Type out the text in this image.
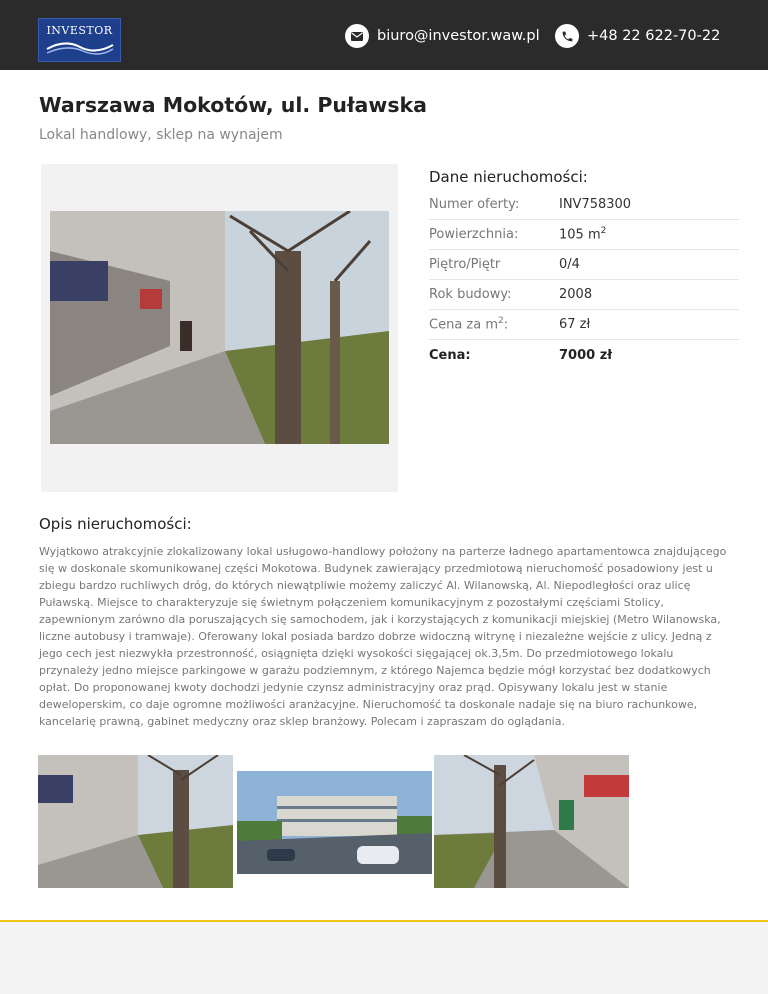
INVESTOR	biuro@investor.waw.pl	+48 22 622-70-22
Warszawa Mokotów, ul. Puławska
Lokal handlowy, sklep na wynajem
Dane nieruchomości:
Numer oferty:	INV758300
Powierzchnia:	105 $m^2$
Piętro/Piętr	0/4
Rok budowy:	2008
Cena za $m^2$:	67 zł
Cena:	7000 zł
Opis nieruchomości:

Wyjątkowo atrakcyjnie zlokalizowany lokal usługowo-handlowy położony na parterze ładnego apartamentowca znajdującego się w doskonale skomunikowanej części Mokotowa. Budynek zawierający przedmiotową nieruchomość posadowiony jest u zbiegu bardzo ruchliwych dróg, do których niewątpliwie możemy zaliczyć Al. Wilanowską, Al. Niepodległości oraz ulicę Puławską. Miejsce to charakteryzuje się świetnym połączeniem komunikacyjnym z pozostałymi częściami Stolicy, zapewnionym zarówno dla poruszających się samochodem, jak i korzystających z komunikacji miejskiej (Metro Wilanowska, liczne autobusy i tramwaje). Oferowany lokal posiada bardzo dobrze widoczną witrynę i niezależne wejście z ulicy. Jedną z jego cech jest niezwykła przestronność, osiągnięta dzięki wysokości sięgającej ok.3,5m. Do przedmiotowego lokalu przynależy jedno miejsce parkingowe w garażu podziemnym, z którego Najemca będzie mógł korzystać bez dodatkowych opłat. Do proponowanej kwoty dochodzi jedynie czynsz administracyjny oraz prąd. Opisywany lokalu jest w stanie deweloperskim, co daje ogromne możliwości aranżacyjne. Nieruchomość ta doskonale nadaje się na biuro rachunkowe, kancelarię prawną, gabinet medyczny oraz sklep branżowy. Polecam i zapraszam do oglądania.
